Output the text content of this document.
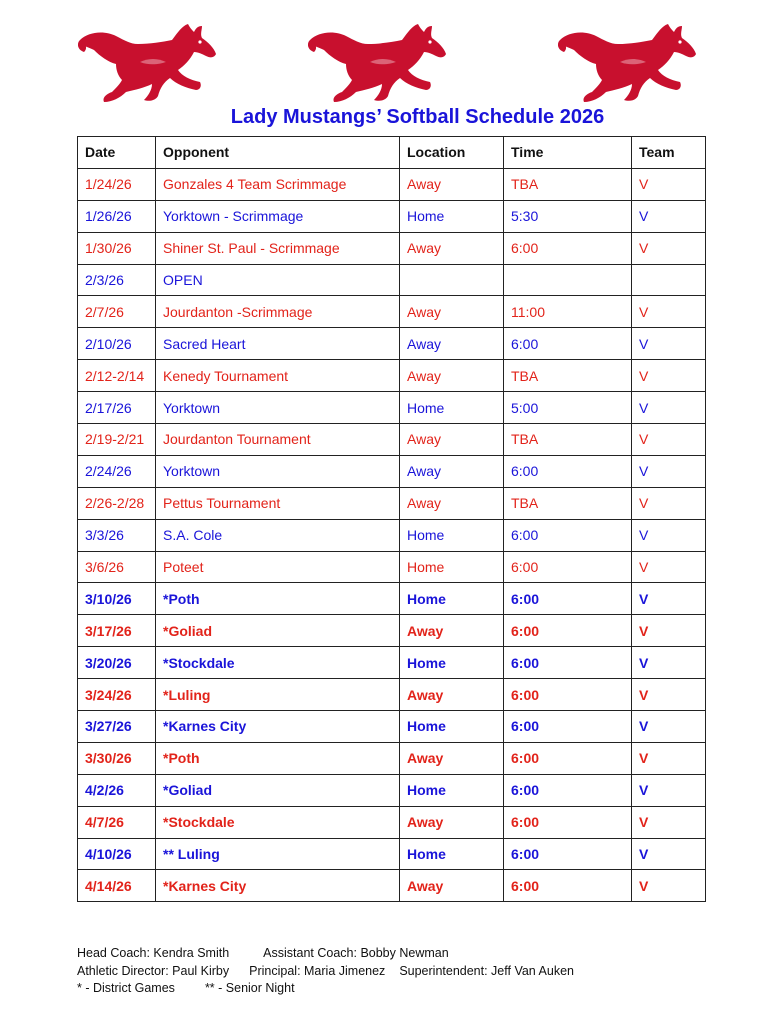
Lady Mustangs’ Softball Schedule 2026
Date	Opponent	Location	Time	Team
1/24/26	Gonzales 4 Team Scrimmage	Away	TBA	V
1/26/26	Yorktown - Scrimmage	Home	5:30	V
1/30/26	Shiner St. Paul - Scrimmage	Away	6:00	V
2/3/26	OPEN			
2/7/26	Jourdanton -Scrimmage	Away	11:00	V
2/10/26	Sacred Heart	Away	6:00	V
2/12-2/14	Kenedy Tournament	Away	TBA	V
2/17/26	Yorktown	Home	5:00	V
2/19-2/21	Jourdanton Tournament	Away	TBA	V
2/24/26	Yorktown	Away	6:00	V
2/26-2/28	Pettus Tournament	Away	TBA	V
3/3/26	S.A. Cole	Home	6:00	V
3/6/26	Poteet	Home	6:00	V
3/10/26	*Poth	Home	6:00	V
3/17/26	*Goliad	Away	6:00	V
3/20/26	*Stockdale	Home	6:00	V
3/24/26	*Luling	Away	6:00	V
3/27/26	*Karnes City	Home	6:00	V
3/30/26	*Poth	Away	6:00	V
4/2/26	*Goliad	Home	6:00	V
4/7/26	*Stockdale	Away	6:00	V
4/10/26	** Luling	Home	6:00	V
4/14/26	*Karnes City	Away	6:00	V
Head Coach: Kendra Smith	Assistant Coach: Bobby Newman
Athletic Director: Paul Kirby Principal: Maria Jimenez Superintendent: Jeff Van Auken
* - District Games ** - Senior Night
